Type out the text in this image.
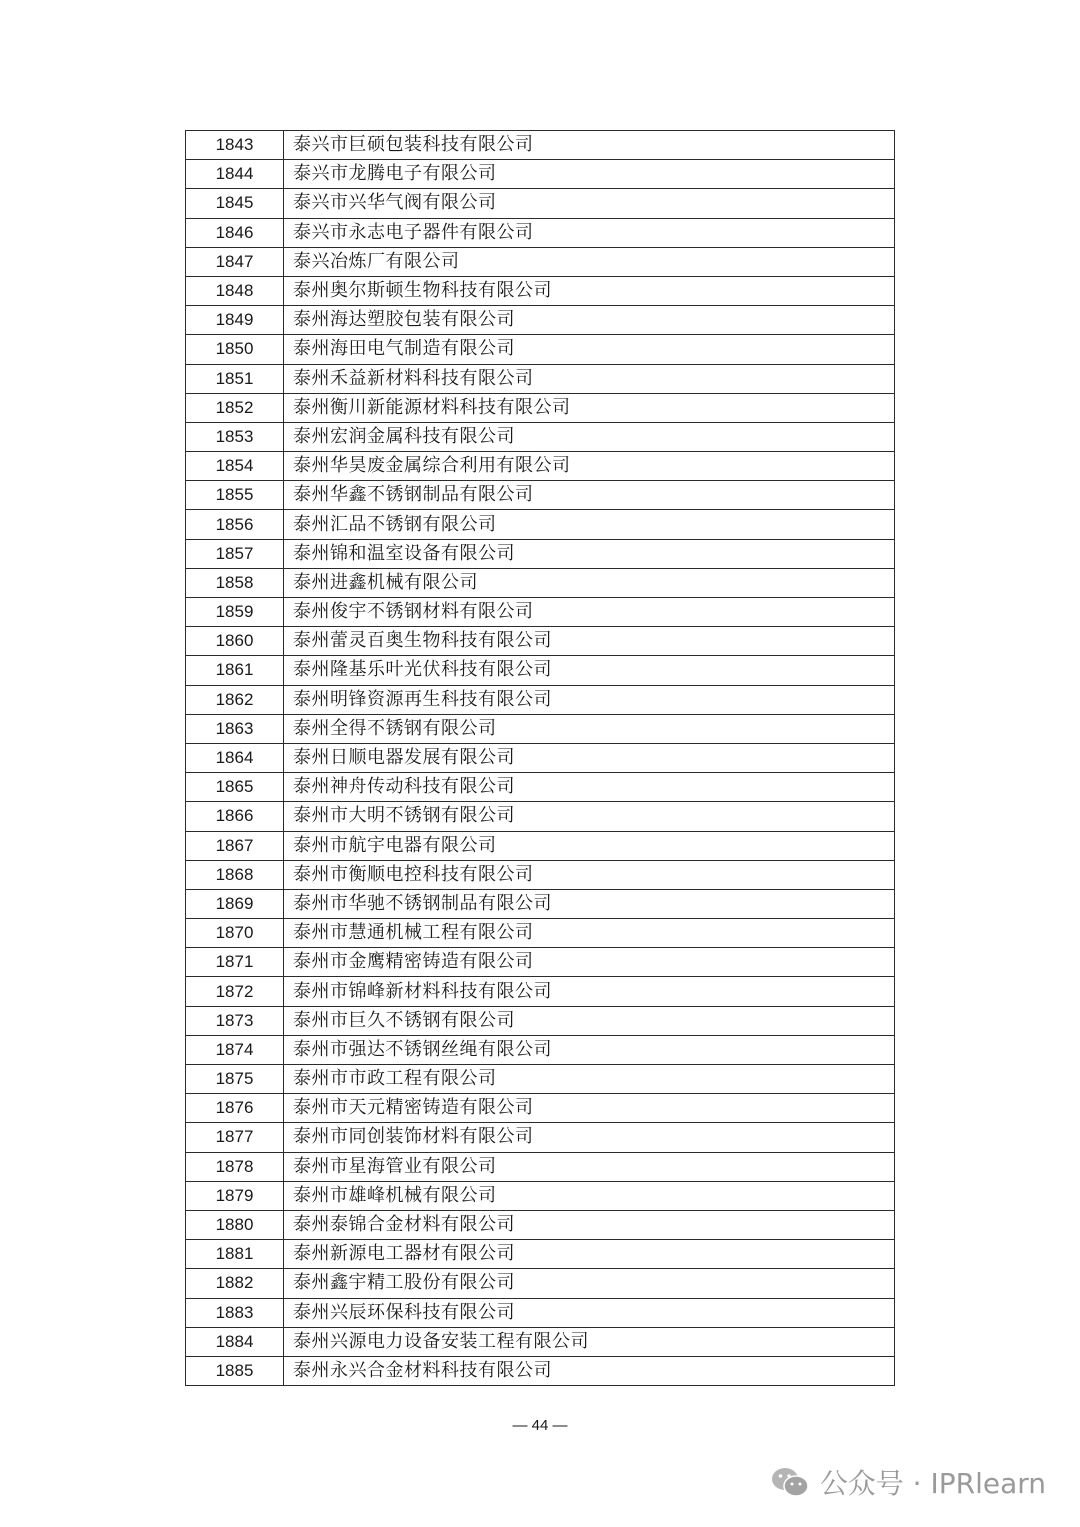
1843	泰兴市巨硕包装科技有限公司
1844	泰兴市龙腾电子有限公司
1845	泰兴市兴华气阀有限公司
1846	泰兴市永志电子器件有限公司
1847	泰兴冶炼厂有限公司
1848	泰州奥尔斯顿生物科技有限公司
1849	泰州海达塑胶包装有限公司
1850	泰州海田电气制造有限公司
1851	泰州禾益新材料科技有限公司
1852	泰州衡川新能源材料科技有限公司
1853	泰州宏润金属科技有限公司
1854	泰州华昊废金属综合利用有限公司
1855	泰州华鑫不锈钢制品有限公司
1856	泰州汇品不锈钢有限公司
1857	泰州锦和温室设备有限公司
1858	泰州进鑫机械有限公司
1859	泰州俊宇不锈钢材料有限公司
1860	泰州蕾灵百奥生物科技有限公司
1861	泰州隆基乐叶光伏科技有限公司
1862	泰州明锋资源再生科技有限公司
1863	泰州全得不锈钢有限公司
1864	泰州日顺电器发展有限公司
1865	泰州神舟传动科技有限公司
1866	泰州市大明不锈钢有限公司
1867	泰州市航宇电器有限公司
1868	泰州市衡顺电控科技有限公司
1869	泰州市华驰不锈钢制品有限公司
1870	泰州市慧通机械工程有限公司
1871	泰州市金鹰精密铸造有限公司
1872	泰州市锦峰新材料科技有限公司
1873	泰州市巨久不锈钢有限公司
1874	泰州市强达不锈钢丝绳有限公司
1875	泰州市市政工程有限公司
1876	泰州市天元精密铸造有限公司
1877	泰州市同创装饰材料有限公司
1878	泰州市星海管业有限公司
1879	泰州市雄峰机械有限公司
1880	泰州泰锦合金材料有限公司
1881	泰州新源电工器材有限公司
1882	泰州鑫宇精工股份有限公司
1883	泰州兴辰环保科技有限公司
1884	泰州兴源电力设备安装工程有限公司
1885	泰州永兴合金材料科技有限公司
— 44 —
公众号 · IPRlearn
